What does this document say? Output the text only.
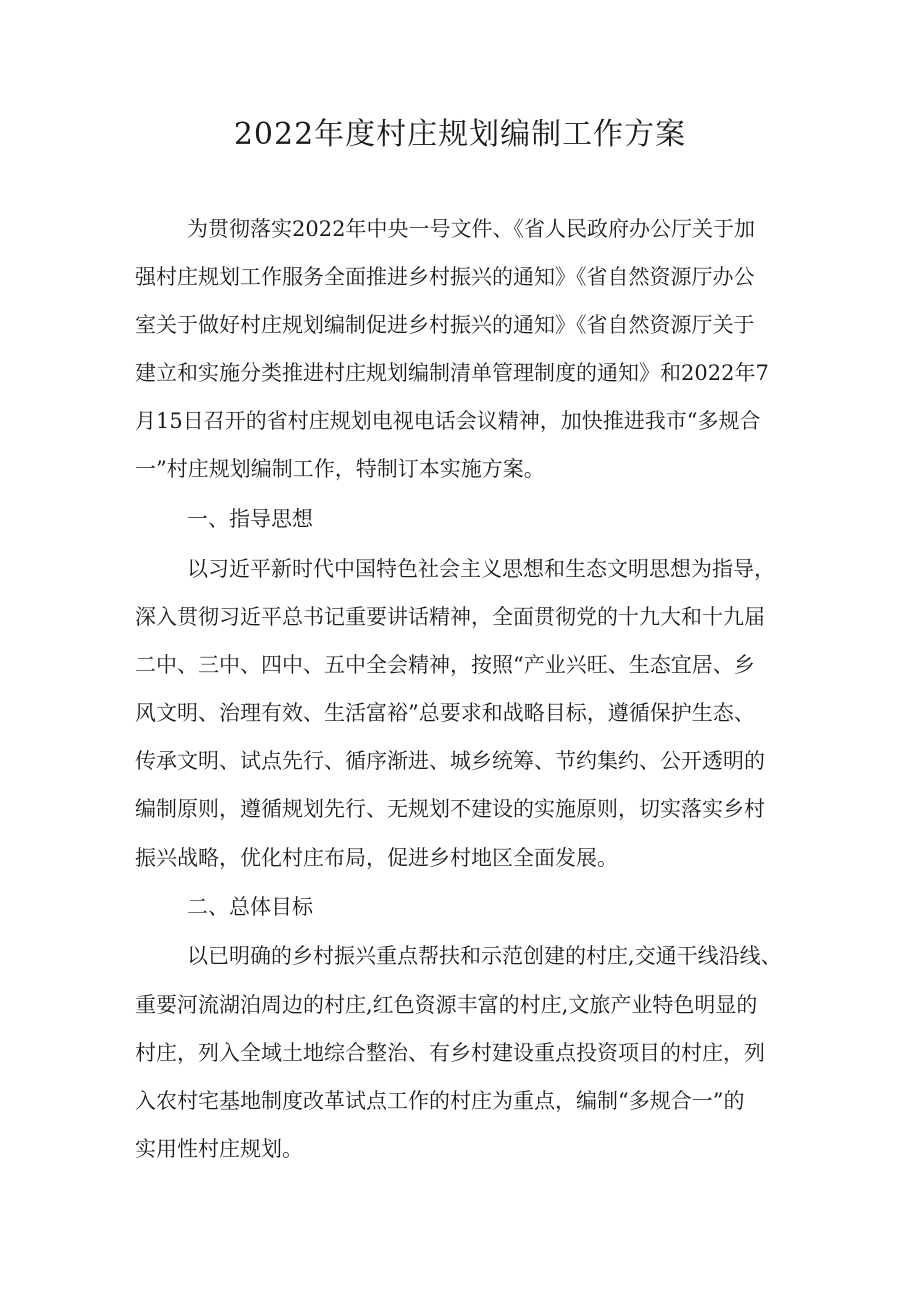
2022年度村庄规划编制工作方案

为贯彻落实2022年中央一号文件、《省人民政府办公厅关于加

强村庄规划工作服务全面推进乡村振兴的通知》《省自然资源厅办公

室关于做好村庄规划编制促进乡村振兴的通知》《省自然资源厅关于

建立和实施分类推进村庄规划编制清单管理制度的通知》和2022年7

月15日召开的省村庄规划电视电话会议精神，加快推进我市“多规合

一”村庄规划编制工作，特制订本实施方案。

一、指导思想

以习近平新时代中国特色社会主义思想和生态文明思想为指导，

深入贯彻习近平总书记重要讲话精神，全面贯彻党的十九大和十九届

二中、三中、四中、五中全会精神，按照“产业兴旺、生态宜居、乡

风文明、治理有效、生活富裕”总要求和战略目标，遵循保护生态、

传承文明、试点先行、循序渐进、城乡统筹、节约集约、公开透明的

编制原则，遵循规划先行、无规划不建设的实施原则，切实落实乡村

振兴战略，优化村庄布局，促进乡村地区全面发展。

二、总体目标

以已明确的乡村振兴重点帮扶和示范创建的村庄,交通干线沿线、

重要河流湖泊周边的村庄,红色资源丰富的村庄,文旅产业特色明显的

村庄，列入全域土地综合整治、有乡村建设重点投资项目的村庄，列

入农村宅基地制度改革试点工作的村庄为重点，编制“多规合一”的

实用性村庄规划。
